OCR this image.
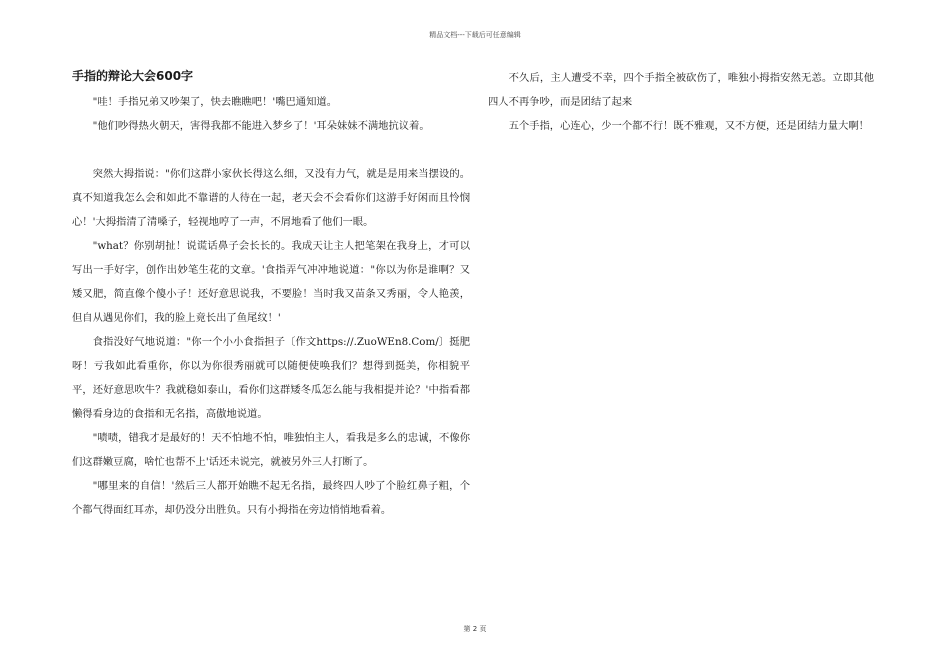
精品文档---下载后可任意编辑
手指的辩论大会600字

"哇！手指兄弟又吵架了，快去瞧瞧吧！'嘴巴通知道。

"他们吵得热火朝天，害得我都不能进入梦乡了！'耳朵妹妹不满地抗议着。

突然大拇指说："你们这群小家伙长得这么细，又没有力气，就是是用来当摆设的。真不知道我怎么会和如此不靠谱的人待在一起，老天会不会看你们这游手好闲而且怜悯心！'大拇指清了清嗓子，轻视地哼了一声，不屑地看了他们一眼。

"what？你别胡扯！说谎话鼻子会长长的。我成天让主人把笔架在我身上，才可以写出一手好字，创作出妙笔生花的文章。'食指弄气冲冲地说道："你以为你是谁啊？又矮又肥，简直像个傻小子！还好意思说我，不要脸！当时我又苗条又秀丽，令人艳羡，但自从遇见你们，我的脸上竟长出了鱼尾纹！'

食指没好气地说道："你一个小小食指担子〔作文https://.ZuoWEn8.Com/〕挺肥呀！亏我如此看重你，你以为你很秀丽就可以随便使唤我们？想得到挺美，你相貌平平，还好意思吹牛？我就稳如泰山，看你们这群矮冬瓜怎么能与我相提并论？'中指看都懒得看身边的食指和无名指，高傲地说道。

"啧啧，错我才是最好的！天不怕地不怕，唯独怕主人，看我是多么的忠诚，不像你们这群嫩豆腐，啥忙也帮不上'话还未说完，就被另外三人打断了。

"哪里来的自信！'然后三人都开始瞧不起无名指，最终四人吵了个脸红鼻子粗，个个都气得面红耳赤，却仍没分出胜负。只有小拇指在旁边悄悄地看着。

不久后，主人遭受不幸，四个手指全被砍伤了，唯独小拇指安然无恙。立即其他四人不再争吵，而是团结了起来

五个手指，心连心，少一个都不行！既不雅观，又不方便，还是团结力量大啊！

第 2 页
